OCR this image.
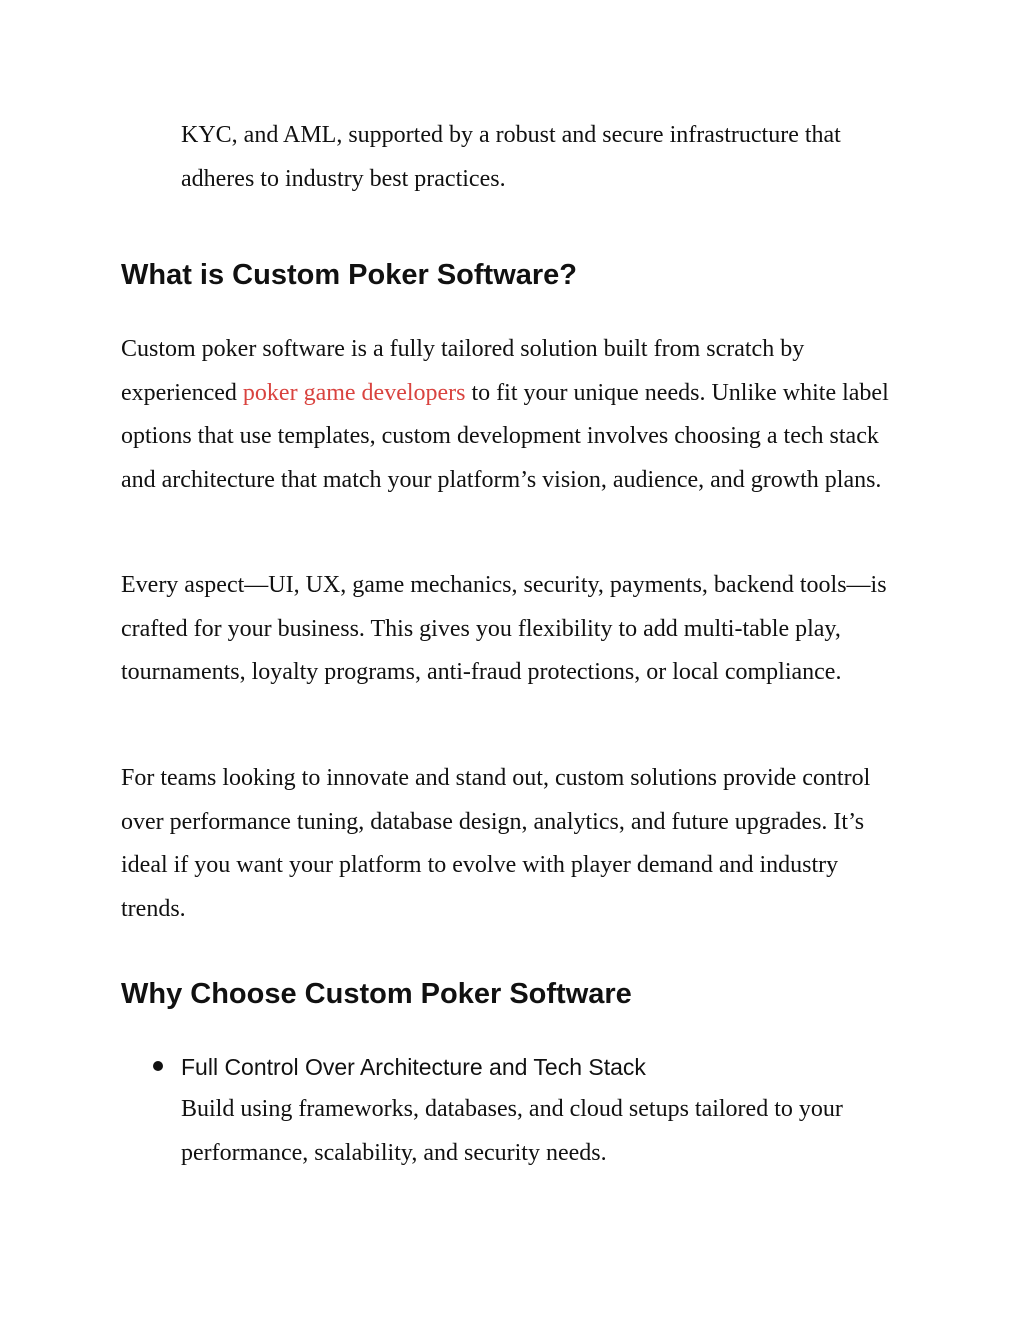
KYC, and AML, supported by a robust and secure infrastructure that adheres to industry best practices.

What is Custom Poker Software?

Custom poker software is a fully tailored solution built from scratch by experienced poker game developers to fit your unique needs. Unlike white label options that use templates, custom development involves choosing a tech stack and architecture that match your platform’s vision, audience, and growth plans.

Every aspect—UI, UX, game mechanics, security, payments, backend tools—is crafted for your business. This gives you flexibility to add multi-table play, tournaments, loyalty programs, anti-fraud protections, or local compliance.

For teams looking to innovate and stand out, custom solutions provide control over performance tuning, database design, analytics, and future upgrades. It’s ideal if you want your platform to evolve with player demand and industry trends.

Why Choose Custom Poker Software
Full Control Over Architecture and Tech Stack
Build using frameworks, databases, and cloud setups tailored to your performance, scalability, and security needs.
